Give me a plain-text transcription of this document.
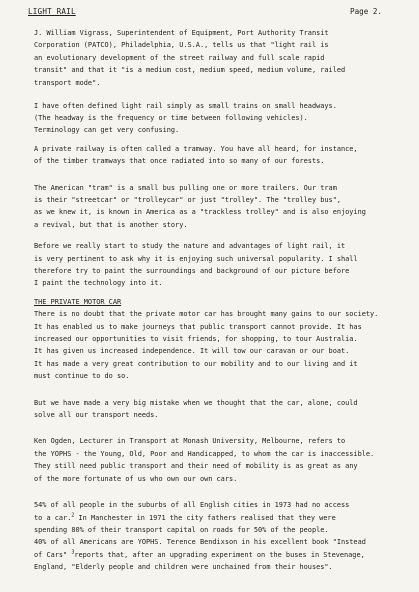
LIGHT RAIL	Page 2.
J. William Vigrass, Superintendent of Equipment, Port Authority Transit
Corporation (PATCO), Philadelphia, U.S.A., tells us that "light rail is
an evolutionary development of the street railway and full scale rapid
transit" and that it "is a medium cost, medium speed, medium volume, railed
transport mode".
I have often defined light rail simply as small trains on small headways.
(The headway is the frequency or time between following vehicles).
Terminology can get very confusing.
A private railway is often called a tramway. You have all heard, for instance,
of the timber tramways that once radiated into so many of our forests.
The American "tram" is a small bus pulling one or more trailers. Our tram
is their "streetcar" or "trolleycar" or just "trolley". The "trolley bus",
as we knew it, is known in America as a "trackless trolley" and is also enjoying
a revival, but that is another story.
Before we really start to study the nature and advantages of light rail, it
is very pertinent to ask why it is enjoying such universal popularity. I shall
therefore try to paint the surroundings and background of our picture before
I paint the technology into it.
THE PRIVATE MOTOR CAR
There is no doubt that the private motor car has brought many gains to our society.
It has enabled us to make journeys that public transport cannot provide. It has
increased our opportunities to visit friends, for shopping, to tour Australia.
It has given us increased independence. It will tow our caravan or our boat.
It has made a very great contribution to our mobility and to our living and it
must continue to do so.
But we have made a very big mistake when we thought that the car, alone, could
solve all our transport needs.
Ken Ogden, Lecturer in Transport at Monash University, Melbourne, refers to
the YOPHS - the Young, Old, Poor and Handicapped, to whom the car is inaccessible.
They still need public transport and their need of mobility is as great as any
of the more fortunate of us who own our own cars.
54% of all people in the suburbs of all English cities in 1973 had no access
to a car.$^2$ In Manchester in 1971 the city fathers realised that they were
spending 80% of their transport capital on roads for 50% of the people.
40% of all Americans are YOPHS. Terence Bendixson in his excellent book "Instead
of Cars" $^3$reports that, after an upgrading experiment on the buses in Stevenage,
England, "Elderly people and children were unchained from their houses".
